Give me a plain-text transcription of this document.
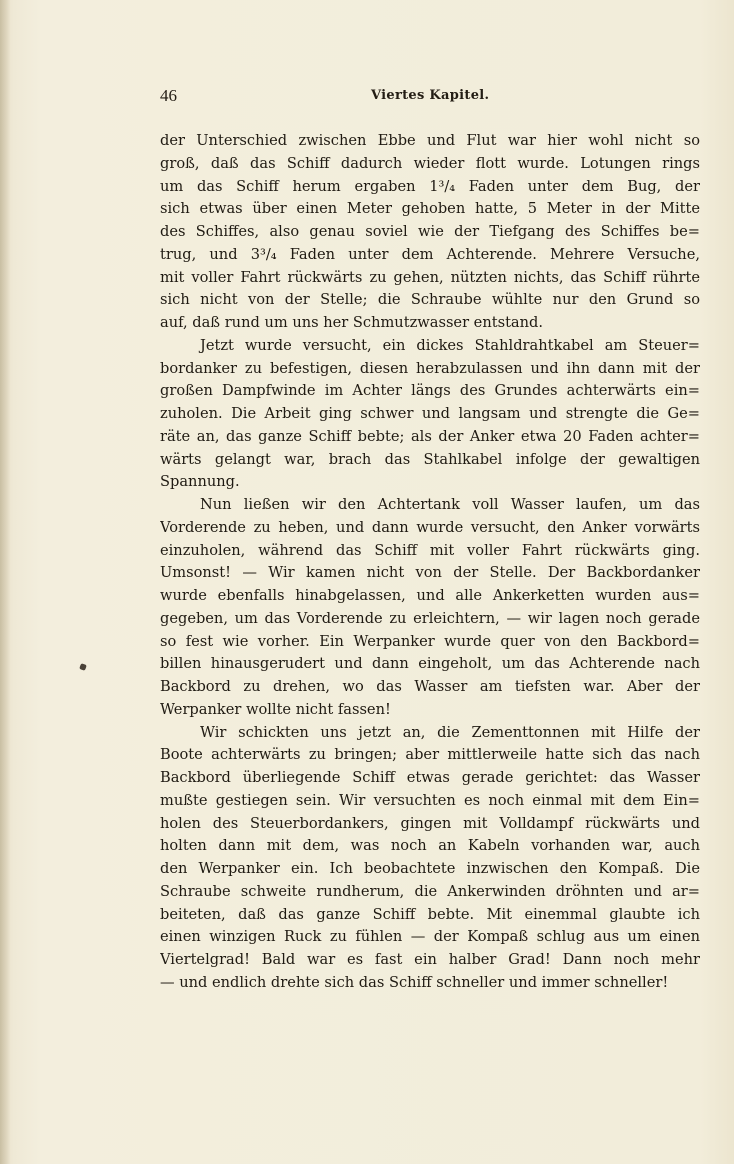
46	Viertes Kapitel.
der Unterschied zwischen Ebbe und Flut war hier wohl nicht so
groß, daß das Schiff dadurch wieder flott wurde. Lotungen rings
um das Schiff herum ergaben 1³/₄ Faden unter dem Bug, der
sich etwas über einen Meter gehoben hatte, 5 Meter in der Mitte
des Schiffes, also genau soviel wie der Tiefgang des Schiffes be=
trug, und 3³/₄ Faden unter dem Achterende. Mehrere Versuche,
mit voller Fahrt rückwärts zu gehen, nützten nichts, das Schiff rührte
sich nicht von der Stelle; die Schraube wühlte nur den Grund so
auf, daß rund um uns her Schmutzwasser entstand.
Jetzt wurde versucht, ein dickes Stahldrahtkabel am Steuer=
bordanker zu befestigen, diesen herabzulassen und ihn dann mit der
großen Dampfwinde im Achter längs des Grundes achterwärts ein=
zuholen. Die Arbeit ging schwer und langsam und strengte die Ge=
räte an, das ganze Schiff bebte; als der Anker etwa 20 Faden achter=
wärts gelangt war, brach das Stahlkabel infolge der gewaltigen
Spannung.
Nun ließen wir den Achtertank voll Wasser laufen, um das
Vorderende zu heben, und dann wurde versucht, den Anker vorwärts
einzuholen, während das Schiff mit voller Fahrt rückwärts ging.
Umsonst! — Wir kamen nicht von der Stelle. Der Backbordanker
wurde ebenfalls hinabgelassen, und alle Ankerketten wurden aus=
gegeben, um das Vorderende zu erleichtern, — wir lagen noch gerade
so fest wie vorher. Ein Werpanker wurde quer von den Backbord=
billen hinausgerudert und dann eingeholt, um das Achterende nach
Backbord zu drehen, wo das Wasser am tiefsten war. Aber der
Werpanker wollte nicht fassen!
Wir schickten uns jetzt an, die Zementtonnen mit Hilfe der
Boote achterwärts zu bringen; aber mittlerweile hatte sich das nach
Backbord überliegende Schiff etwas gerade gerichtet: das Wasser
mußte gestiegen sein. Wir versuchten es noch einmal mit dem Ein=
holen des Steuerbordankers, gingen mit Volldampf rückwärts und
holten dann mit dem, was noch an Kabeln vorhanden war, auch
den Werpanker ein. Ich beobachtete inzwischen den Kompaß. Die
Schraube schweite rundherum, die Ankerwinden dröhnten und ar=
beiteten, daß das ganze Schiff bebte. Mit einemmal glaubte ich
einen winzigen Ruck zu fühlen — der Kompaß schlug aus um einen
Viertelgrad! Bald war es fast ein halber Grad! Dann noch mehr
— und endlich drehte sich das Schiff schneller und immer schneller!
